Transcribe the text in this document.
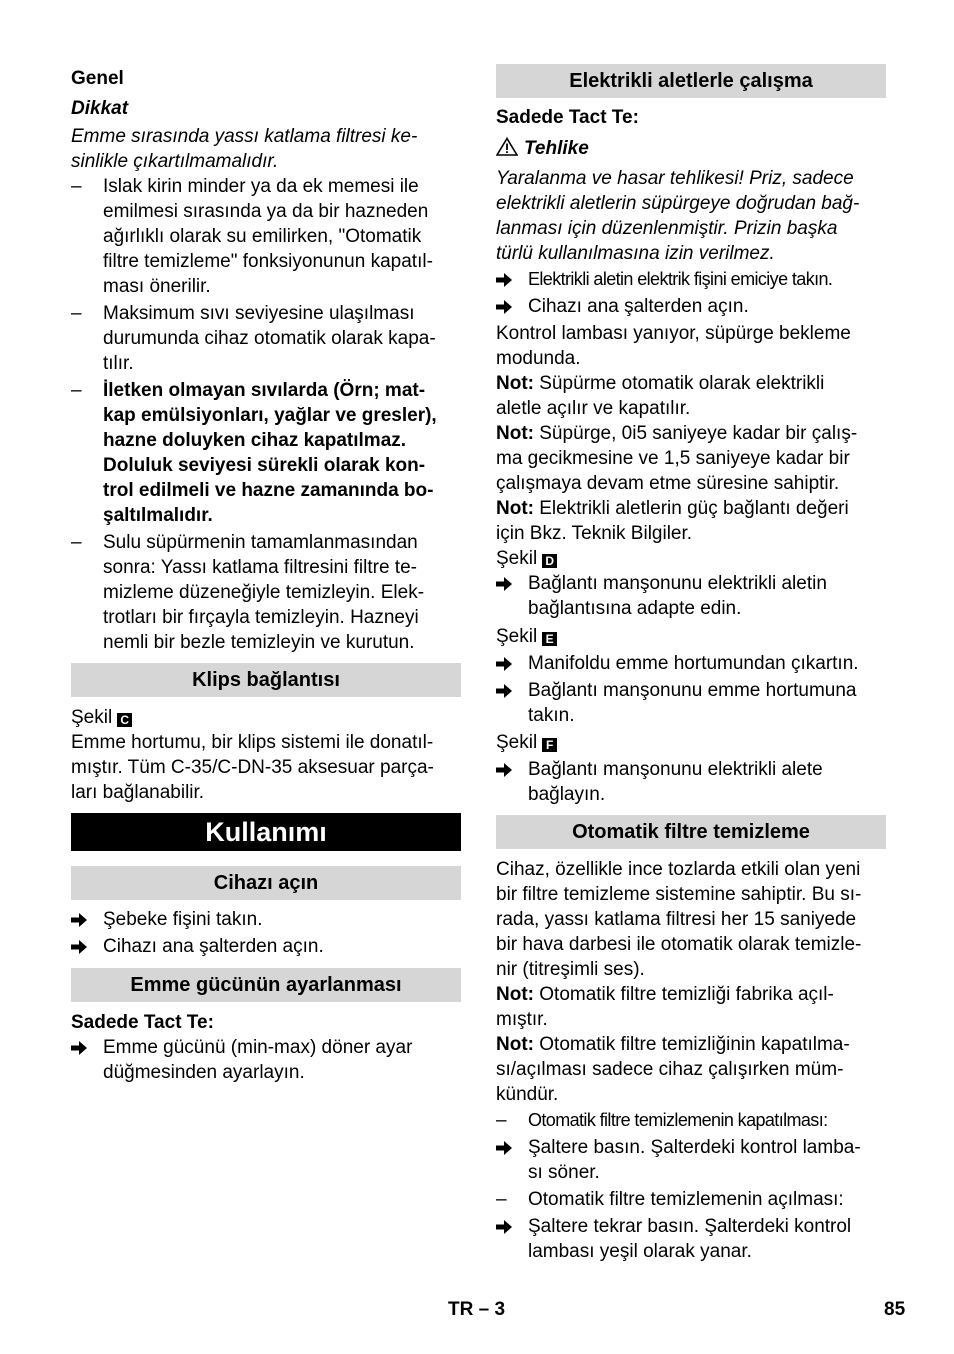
Genel

Dikkat

Emme sırasında yassı katlama filtresi ke-
sinlikle çıkartılmamalıdır.

–	Islak kirin minder ya da ek memesi ile
emilmesi sırasında ya da bir hazneden
ağırlıklı olarak su emilirken, "Otomatik
filtre temizleme" fonksiyonunun kapatıl-
ması önerilir.
–	Maksimum sıvı seviyesine ulaşılması
durumunda cihaz otomatik olarak kapa-
tılır.
–	İletken olmayan sıvılarda (Örn; mat-
kap emülsiyonları, yağlar ve gresler),
hazne doluyken cihaz kapatılmaz.
Doluluk seviyesi sürekli olarak kon-
trol edilmeli ve hazne zamanında bo-
şaltılmalıdır.
–	Sulu süpürmenin tamamlanmasından
sonra: Yassı katlama filtresini filtre te-
mizleme düzeneğiyle temizleyin. Elek-
trotları bir fırçayla temizleyin. Hazneyi
nemli bir bezle temizleyin ve kurutun.
Klips bağlantısı

Şekil C

Emme hortumu, bir klips sistemi ile donatıl-
mıştır. Tüm C-35/C-DN-35 aksesuar parça-
ları bağlanabilir.

Kullanımı
Cihazı açın
Şebeke fişini takın.
Cihazı ana şalterden açın.
Emme gücünün ayarlanması

Sadede Tact Te:

Emme gücünü (min-max) döner ayar
düğmesinden ayarlayın.
Elektrikli aletlerle çalışma

Sadede Tact Te:

Tehlike

Yaralanma ve hasar tehlikesi! Priz, sadece
elektrikli aletlerin süpürgeye doğrudan bağ-
lanması için düzenlenmiştir. Prizin başka
türlü kullanılmasına izin verilmez.

Elektrikli aletin elektrik fişini emiciye takın.
Cihazı ana şalterden açın.

Kontrol lambası yanıyor, süpürge bekleme
modunda.

Not: Süpürme otomatik olarak elektrikli
aletle açılır ve kapatılır.

Not: Süpürge, 0i5 saniyeye kadar bir çalış-
ma gecikmesine ve 1,5 saniyeye kadar bir
çalışmaya devam etme süresine sahiptir.

Not: Elektrikli aletlerin güç bağlantı değeri
için Bkz. Teknik Bilgiler.

Şekil D

Bağlantı manşonunu elektrikli aletin
bağlantısına adapte edin.

Şekil E

Manifoldu emme hortumundan çıkartın.
Bağlantı manşonunu emme hortumuna
takın.

Şekil F

Bağlantı manşonunu elektrikli alete
bağlayın.
Otomatik filtre temizleme

Cihaz, özellikle ince tozlarda etkili olan yeni
bir filtre temizleme sistemine sahiptir. Bu sı-
rada, yassı katlama filtresi her 15 saniyede
bir hava darbesi ile otomatik olarak temizle-
nir (titreşimli ses).

Not: Otomatik filtre temizliği fabrika açıl-
mıştır.

Not: Otomatik filtre temizliğinin kapatılma-
sı/açılması sadece cihaz çalışırken müm-
kündür.

–	Otomatik filtre temizlemenin kapatılması:
Şaltere basın. Şalterdeki kontrol lamba-
sı söner.
–	Otomatik filtre temizlemenin açılması:
Şaltere tekrar basın. Şalterdeki kontrol
lambası yeşil olarak yanar.
TR – 3	85
